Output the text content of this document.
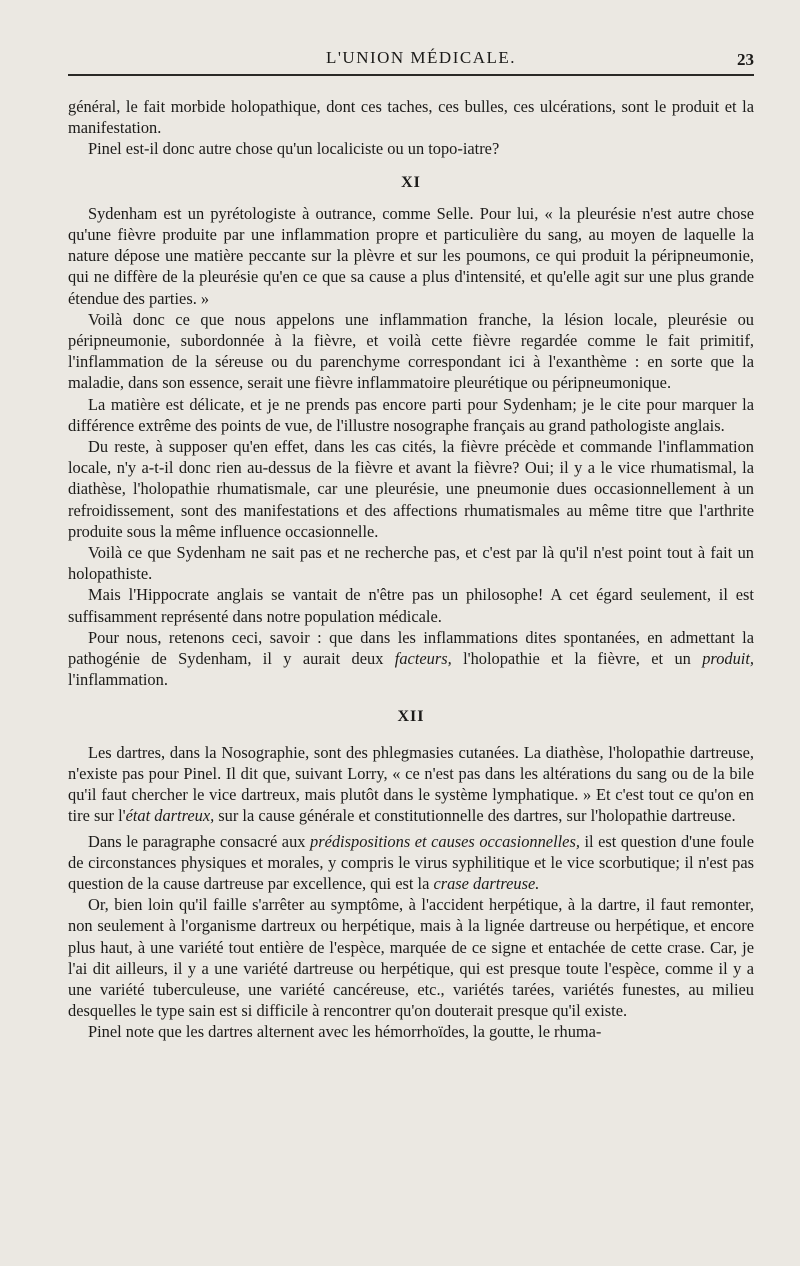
L'UNION MÉDICALE.	23

général, le fait morbide holopathique, dont ces taches, ces bulles, ces ulcérations, sont le produit et la manifestation.

Pinel est-il donc autre chose qu'un localiciste ou un topo-iatre?

XI

Sydenham est un pyrétologiste à outrance, comme Selle. Pour lui, « la pleurésie n'est autre chose qu'une fièvre produite par une inflammation propre et particulière du sang, au moyen de laquelle la nature dépose une matière peccante sur la plèvre et sur les poumons, ce qui produit la péripneumonie, qui ne diffère de la pleurésie qu'en ce que sa cause a plus d'intensité, et qu'elle agit sur une plus grande étendue des parties. »

Voilà donc ce que nous appelons une inflammation franche, la lésion locale, pleurésie ou péripneumonie, subordonnée à la fièvre, et voilà cette fièvre regardée comme le fait primitif, l'inflammation de la séreuse ou du parenchyme correspondant ici à l'exanthème : en sorte que la maladie, dans son essence, serait une fièvre inflammatoire pleurétique ou péripneumonique.

La matière est délicate, et je ne prends pas encore parti pour Sydenham; je le cite pour marquer la différence extrême des points de vue, de l'illustre nosographe français au grand pathologiste anglais.

Du reste, à supposer qu'en effet, dans les cas cités, la fièvre précède et commande l'inflammation locale, n'y a-t-il donc rien au-dessus de la fièvre et avant la fièvre? Oui; il y a le vice rhumatismal, la diathèse, l'holopathie rhumatismale, car une pleurésie, une pneumonie dues occasionnellement à un refroidissement, sont des manifestations et des affections rhumatismales au même titre que l'arthrite produite sous la même influence occasionnelle.

Voilà ce que Sydenham ne sait pas et ne recherche pas, et c'est par là qu'il n'est point tout à fait un holopathiste.

Mais l'Hippocrate anglais se vantait de n'être pas un philosophe! A cet égard seulement, il est suffisamment représenté dans notre population médicale.

Pour nous, retenons ceci, savoir : que dans les inflammations dites spontanées, en admettant la pathogénie de Sydenham, il y aurait deux facteurs, l'holopathie et la fièvre, et un produit, l'inflammation.

XII

Les dartres, dans la Nosographie, sont des phlegmasies cutanées. La diathèse, l'holopathie dartreuse, n'existe pas pour Pinel. Il dit que, suivant Lorry, « ce n'est pas dans les altérations du sang ou de la bile qu'il faut chercher le vice dartreux, mais plutôt dans le système lymphatique. » Et c'est tout ce qu'on en tire sur l'état dartreux, sur la cause générale et constitutionnelle des dartres, sur l'holopathie dartreuse.

Dans le paragraphe consacré aux prédispositions et causes occasionnelles, il est question d'une foule de circonstances physiques et morales, y compris le virus syphilitique et le vice scorbutique; il n'est pas question de la cause dartreuse par excellence, qui est la crase dartreuse.

Or, bien loin qu'il faille s'arrêter au symptôme, à l'accident herpétique, à la dartre, il faut remonter, non seulement à l'organisme dartreux ou herpétique, mais à la lignée dartreuse ou herpétique, et encore plus haut, à une variété tout entière de l'espèce, marquée de ce signe et entachée de cette crase. Car, je l'ai dit ailleurs, il y a une variété dartreuse ou herpétique, qui est presque toute l'espèce, comme il y a une variété tuberculeuse, une variété cancéreuse, etc., variétés tarées, variétés funestes, au milieu desquelles le type sain est si difficile à rencontrer qu'on douterait presque qu'il existe.

Pinel note que les dartres alternent avec les hémorrhoïdes, la goutte, le rhuma-
